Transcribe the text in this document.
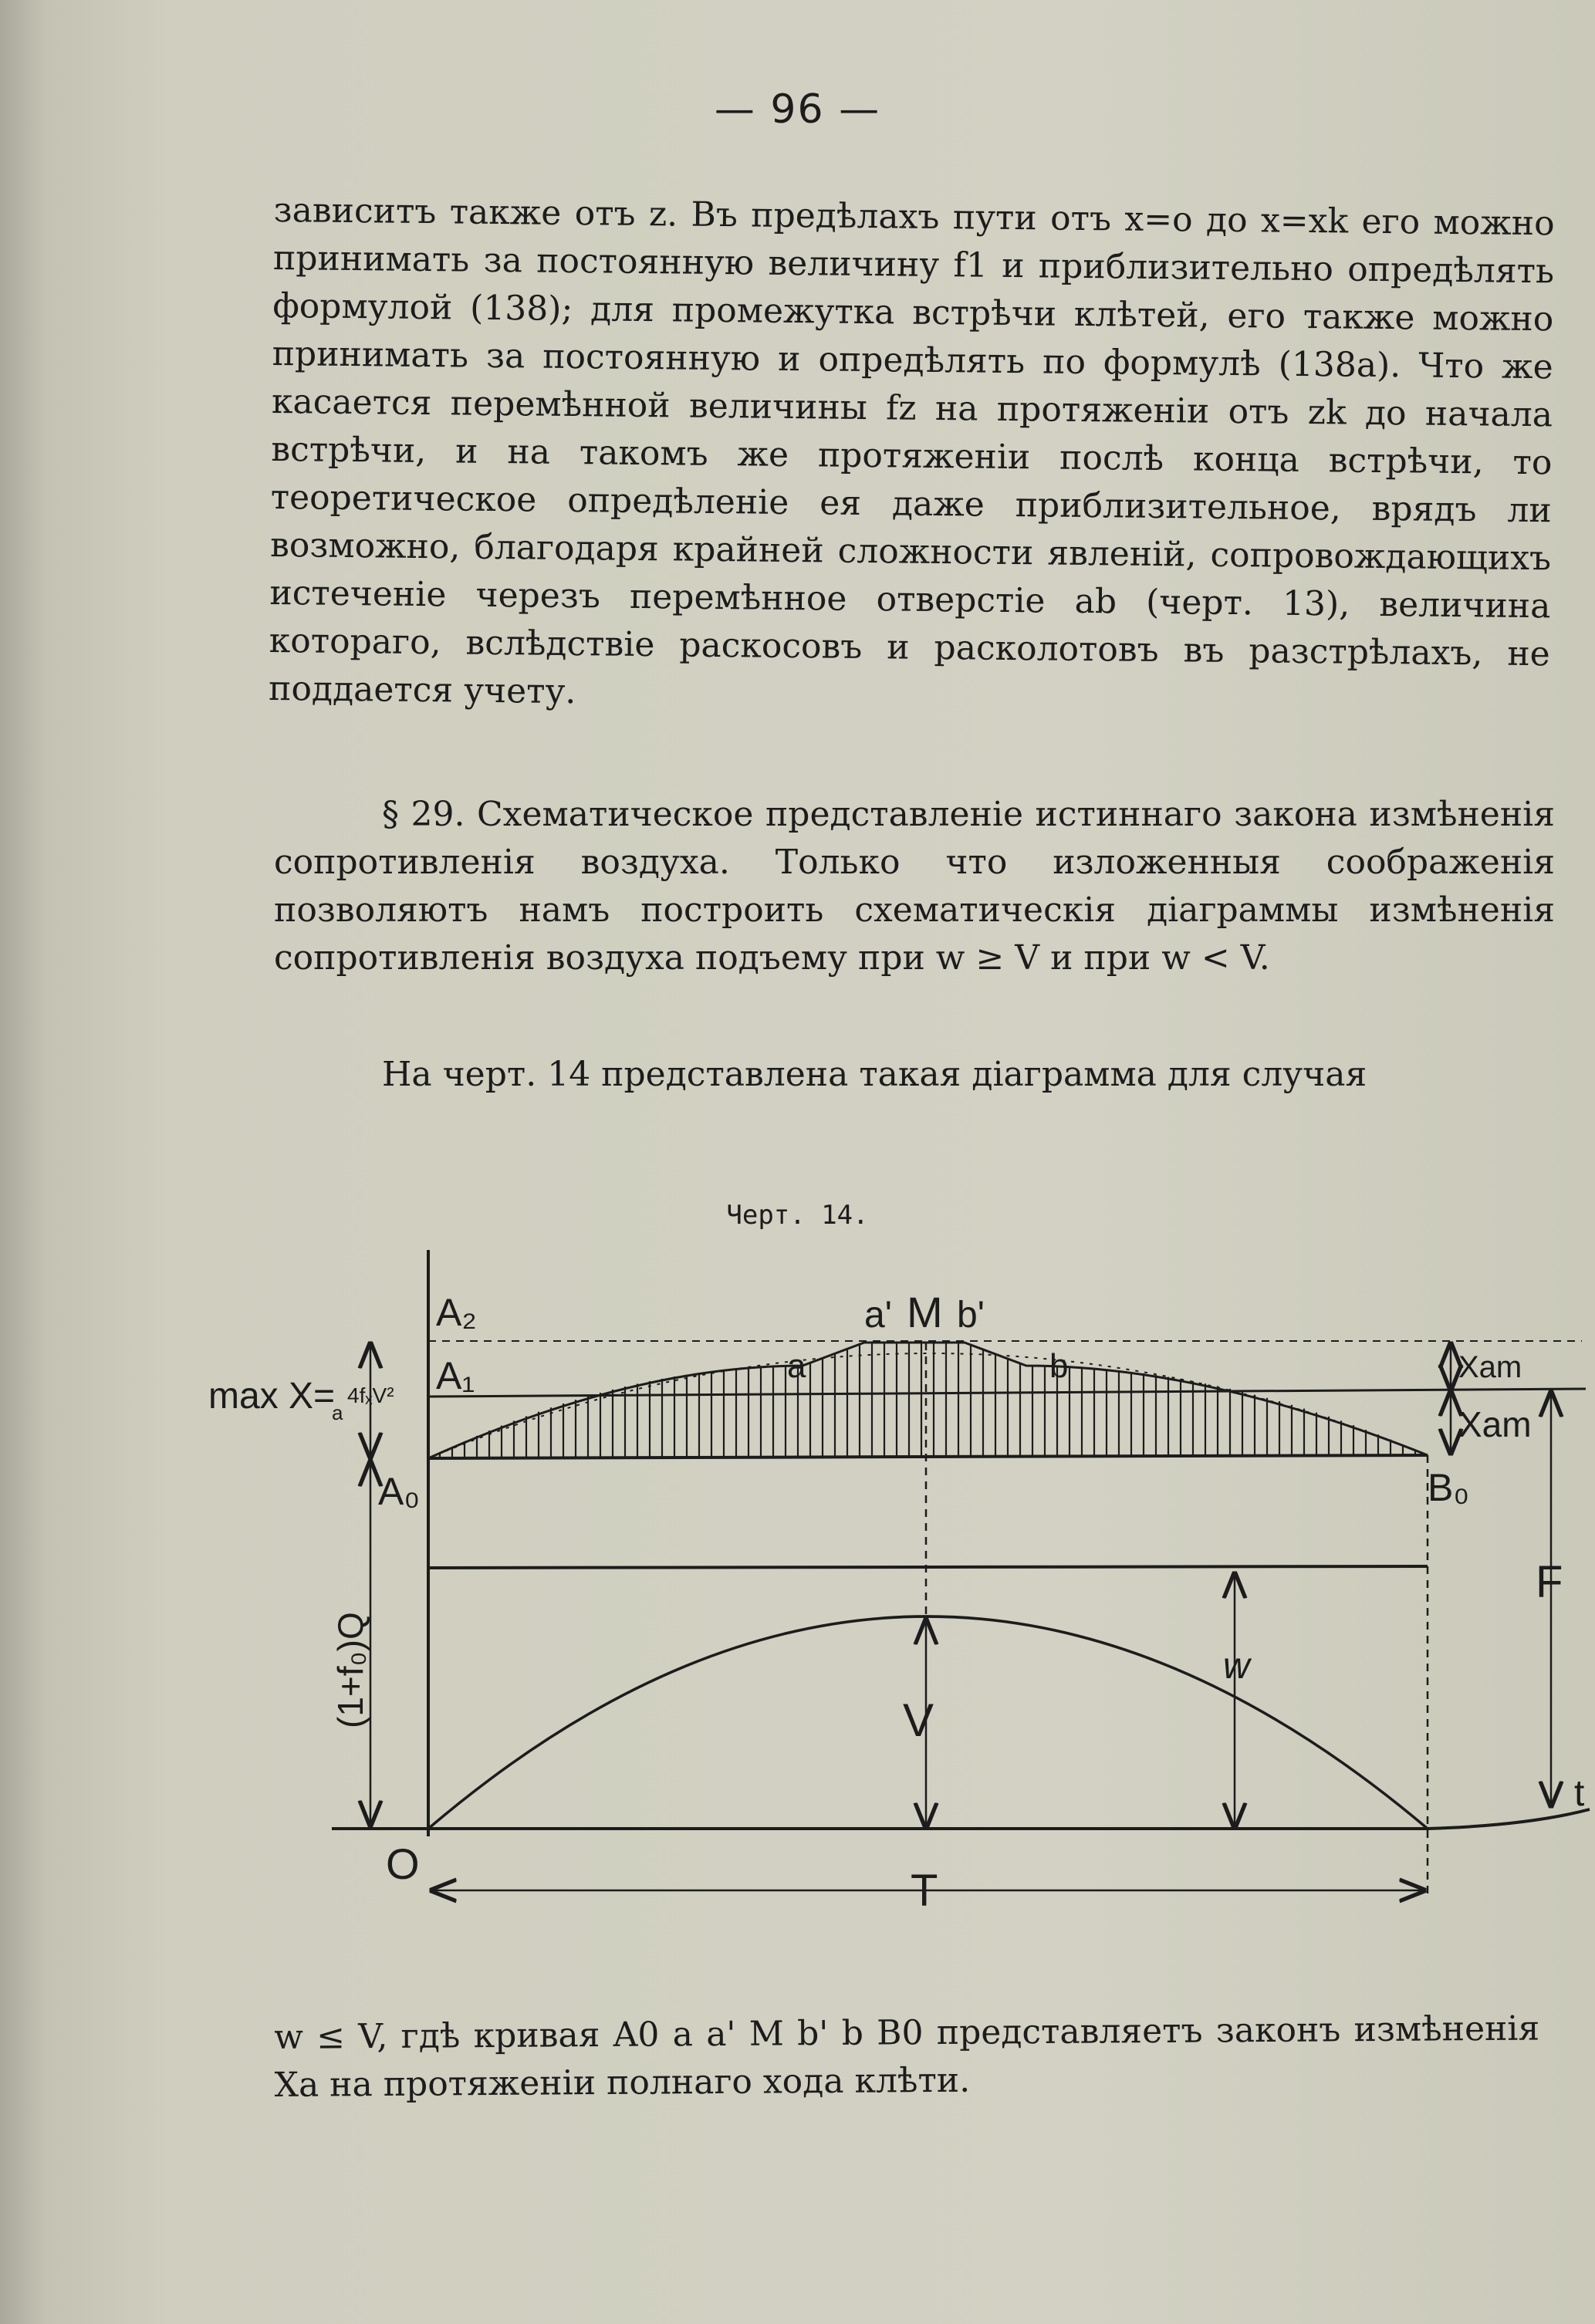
— 96 —

зависитъ также отъ z. Въ предѣлахъ пути отъ x=o до x=xk его можно принимать за постоянную величину f1 и приблизительно опредѣлять формулой (138); для промежутка встрѣчи клѣтей, его также можно принимать за постоянную и опредѣлять по формулѣ (138а). Что же касается перемѣнной величины fz на протяженiи отъ zk до начала встрѣчи, и на такомъ же протяженiи послѣ конца встрѣчи, то теоретическое опредѣленiе ея даже приблизительное, врядъ ли возможно, благодаря крайней сложности явленiй, сопровождающихъ истеченiе черезъ перемѣнное отверстiе ab (черт. 13), величина котораго, вслѣдствiе раскосовъ и расколотовъ въ разстрѣлахъ, не поддается учету.

§ 29. Схематическое представленiе истиннаго закона измѣненiя сопротивленiя воздуха. Только что изложенныя соображенiя позволяютъ намъ построить схематическiя дiаграммы измѣненiя сопротивленiя воздуха подъему при w ≥ V и при w < V.

На черт. 14 представлена такая дiаграмма для случая

Черт. 14.
A₂
A₁
A₀	B₀
a' M b'
a	b
max X=
a
4fₓV²
Xam
Xam
F
(1+f₀)Q	V
w
O
T
t

w ≤ V, гдѣ кривая A0 a a' M b' b B0 представляетъ законъ измѣненiя Xa на протяженiи полнаго хода клѣти.
